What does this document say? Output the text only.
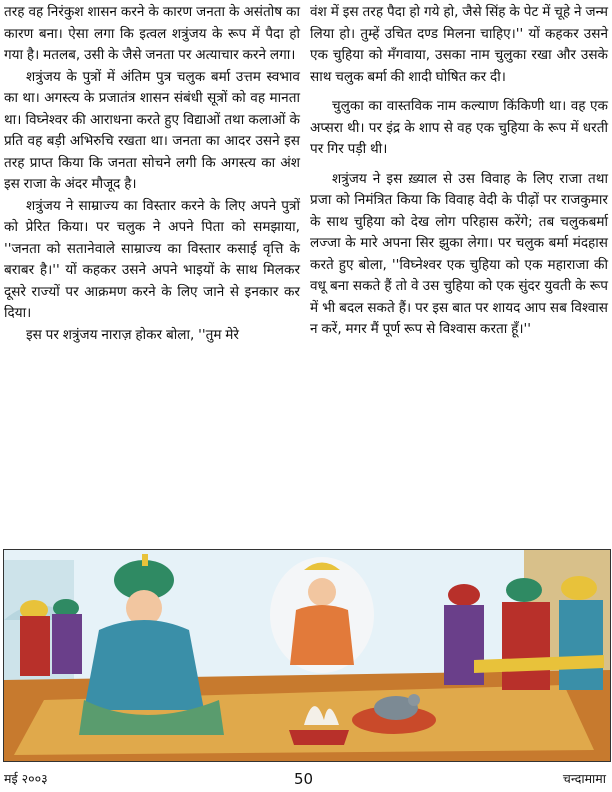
तरह वह निरंकुश शासन करने के कारण जनता के असंतोष का कारण बना। ऐसा लगा कि इत्वल शत्रुंजय के रूप में पैदा हो गया है। मतलब, उसी के जैसे जनता पर अत्याचार करने लगा।

शत्रुंजय के पुत्रों में अंतिम पुत्र चलुक बर्मा उत्तम स्वभाव का था। अगस्त्य के प्रजातंत्र शासन संबंधी सूत्रों को वह मानता था। विघ्नेश्वर की आराधना करते हुए विद्याओं तथा कलाओं के प्रति वह बड़ी अभिरुचि रखता था। जनता का आदर उसने इस तरह प्राप्त किया कि जनता सोचने लगी कि अगस्त्य का अंश इस राजा के अंदर मौजूद है।

शत्रुंजय ने साम्राज्य का विस्तार करने के लिए अपने पुत्रों को प्रेरित किया। पर चलुक ने अपने पिता को समझाया, ''जनता को सतानेवाले साम्राज्य का विस्तार कसाई वृत्ति के बराबर है।'' यों कहकर उसने अपने भाइयों के साथ मिलकर दूसरे राज्यों पर आक्रमण करने के लिए जाने से इनकार कर दिया।

इस पर शत्रुंजय नाराज़ होकर बोला, ''तुम मेरे

वंश में इस तरह पैदा हो गये हो, जैसे सिंह के पेट में चूहे ने जन्म लिया हो। तुम्हें उचित दण्ड मिलना चाहिए।'' यों कहकर उसने एक चुहिया को मँगवाया, उसका नाम चुलुका रखा और उसके साथ चलुक बर्मा की शादी घोषित कर दी।

चुलुका का वास्तविक नाम कल्याण किंकिणी था। वह एक अप्सरा थी। पर इंद्र के शाप से वह एक चुहिया के रूप में धरती पर गिर पड़ी थी।

शत्रुंजय ने इस ख़्याल से उस विवाह के लिए राजा तथा प्रजा को निमंत्रित किया कि विवाह वेदी के पीढ़ों पर राजकुमार के साथ चुहिया को देख लोग परिहास करेंगे; तब चलुकबर्मा लज्जा के मारे अपना सिर झुका लेगा। पर चलुक बर्मा मंदहास करते हुए बोला, ''विघ्नेश्वर एक चुहिया को एक महाराजा की वधू बना सकते हैं तो वे उस चुहिया को एक सुंदर युवती के रूप में भी बदल सकते हैं। पर इस बात पर शायद आप सब विश्वास न करें, मगर मैं पूर्ण रूप से विश्वास करता हूँ।''

मई २००३	50	चन्दामामा
